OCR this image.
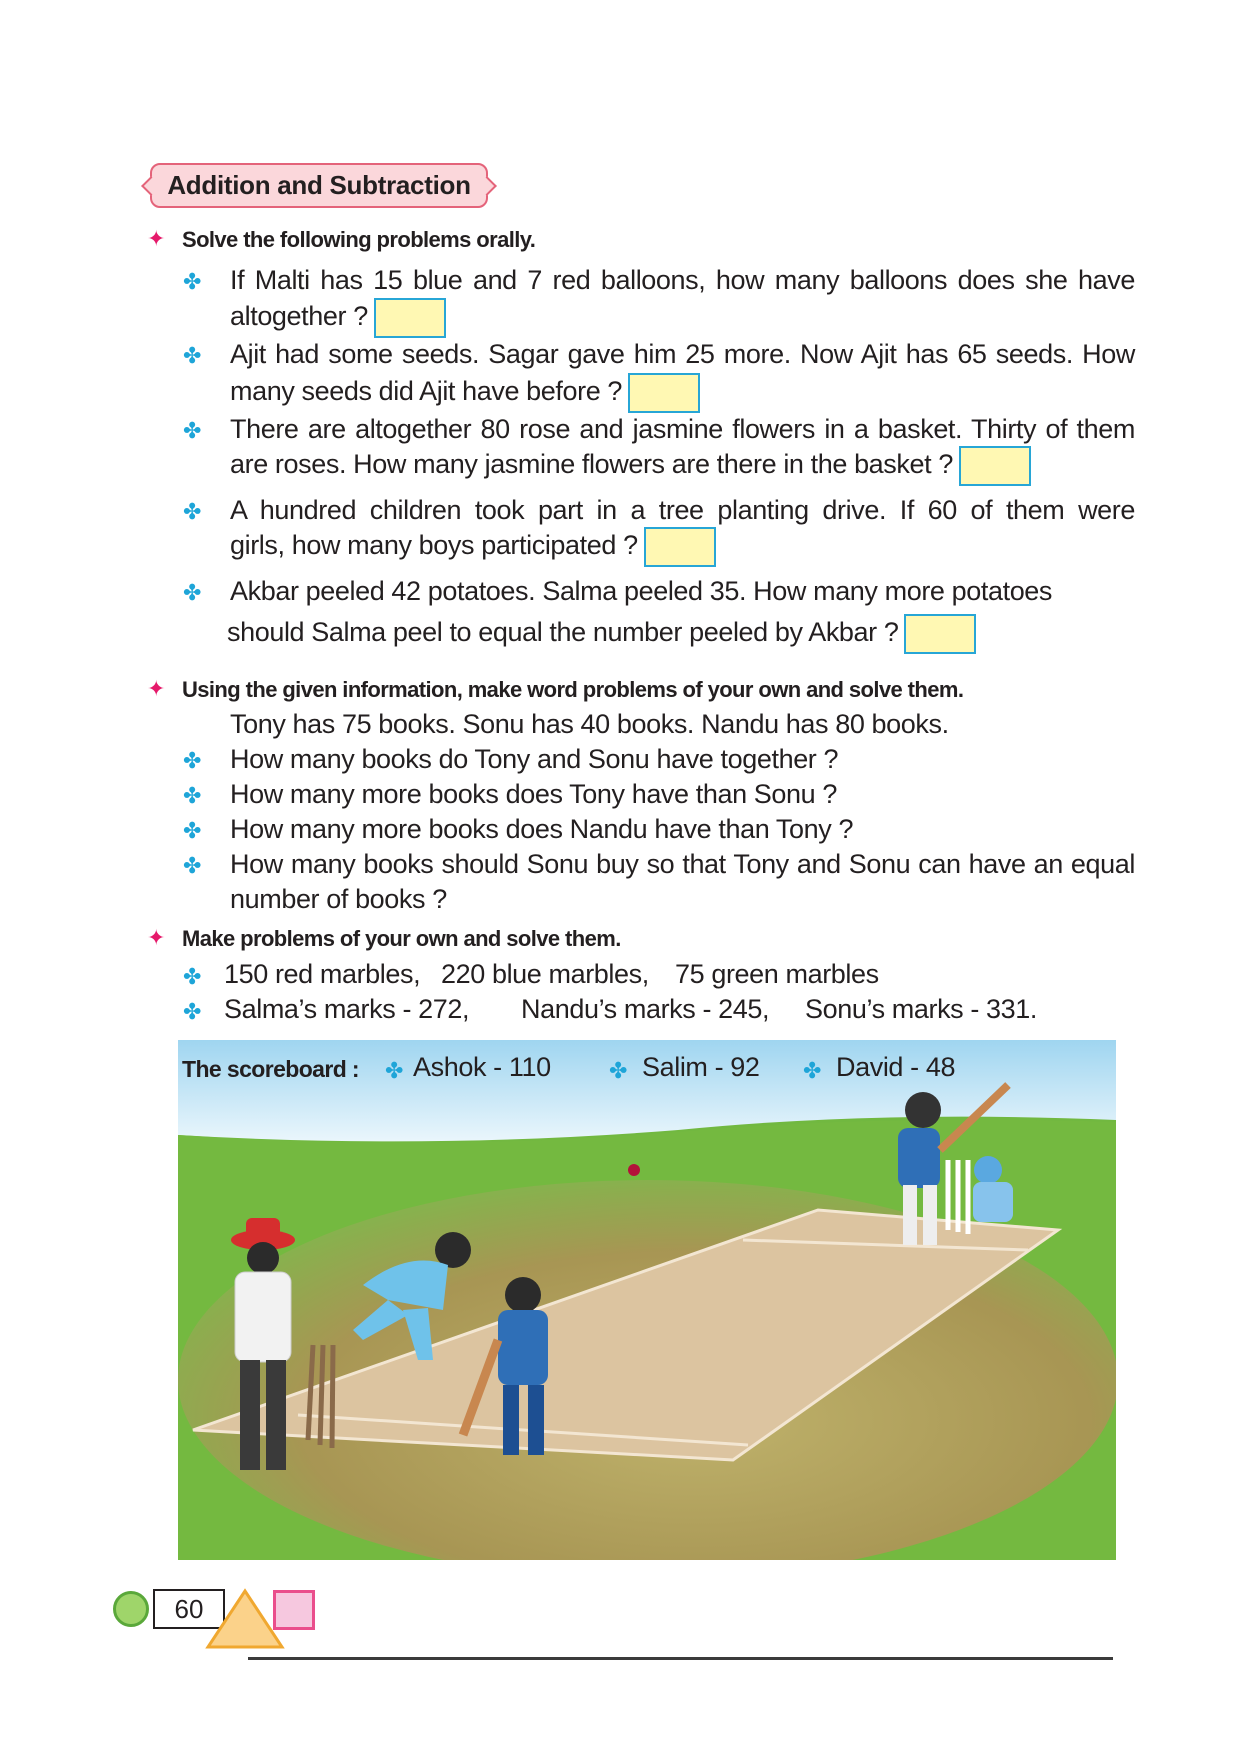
Addition and Subtraction
✦ Solve the following problems orally.
✤ If Malti has 15 blue and 7 red balloons, how many balloons does she have
altogether ?
✤ Ajit had some seeds. Sagar gave him 25 more. Now Ajit has 65 seeds. How
many seeds did Ajit have before ?
✤ There are altogether 80 rose and jasmine flowers in a basket. Thirty of them
are roses. How many jasmine flowers are there in the basket ?
✤ A hundred children took part in a tree planting drive. If 60 of them were
girls, how many boys participated ?
✤ Akbar peeled 42 potatoes. Salma peeled 35. How many more potatoes
should Salma peel to equal the number peeled by Akbar ?
✦ Using the given information, make word problems of your own and solve them.
Tony has 75 books. Sonu has 40 books. Nandu has 80 books.
✤ How many books do Tony and Sonu have together ?
✤ How many more books does Tony have than Sonu ?
✤ How many more books does Nandu have than Tony ?
✤ How many books should Sonu buy so that Tony and Sonu can have an equal
number of books ?
✦ Make problems of your own and solve them.
✤ 150 red marbles, 220 blue marbles, 75 green marbles
✤ Salma’s marks - 272, Nandu’s marks - 245, Sonu’s marks - 331.
The scoreboard : ✤ Ashok - 110	✤ Salim - 92 ✤ David - 48
60
